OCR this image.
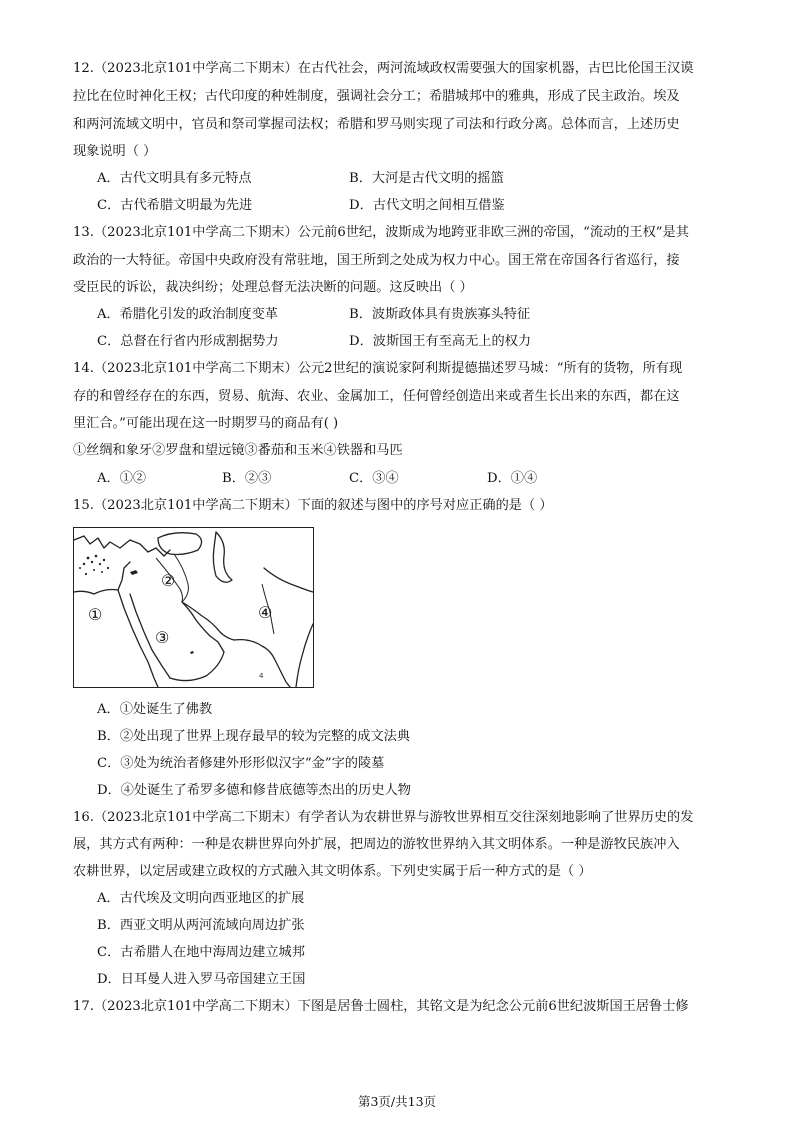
12.（2023北京101中学高二下期末）在古代社会，两河流域政权需要强大的国家机器，古巴比伦国王汉谟
拉比在位时神化王权；古代印度的种姓制度，强调社会分工；希腊城邦中的雅典，形成了民主政治。埃及
和两河流域文明中，官员和祭司掌握司法权；希腊和罗马则实现了司法和行政分离。总体而言，上述历史
现象说明（ ）
A．古代文明具有多元特点	B．大河是古代文明的摇篮
C．古代希腊文明最为先进	D．古代文明之间相互借鉴
13.（2023北京101中学高二下期末）公元前6世纪，波斯成为地跨亚非欧三洲的帝国，“流动的王权”是其
政治的一大特征。帝国中央政府没有常驻地，国王所到之处成为权力中心。国王常在帝国各行省巡行，接
受臣民的诉讼，裁决纠纷；处理总督无法决断的问题。这反映出（ ）
A．希腊化引发的政治制度变革	B．波斯政体具有贵族寡头特征
C．总督在行省内形成割据势力	D．波斯国王有至高无上的权力
14.（2023北京101中学高二下期末）公元2世纪的演说家阿利斯提德描述罗马城：“所有的货物，所有现
存的和曾经存在的东西，贸易、航海、农业、金属加工，任何曾经创造出来或者生长出来的东西，都在这
里汇合。”可能出现在这一时期罗马的商品有( )
①丝绸和象牙②罗盘和望远镜③番茄和玉米④铁器和马匹
A．①②	B．②③	C．③④	D．①④
15.（2023北京101中学高二下期末）下面的叙述与图中的序号对应正确的是（ ）
①
②
③
④
4
A．①处诞生了佛教
B．②处出现了世界上现存最早的较为完整的成文法典
C．③处为统治者修建外形形似汉字“金”字的陵墓
D．④处诞生了希罗多德和修昔底德等杰出的历史人物
16.（2023北京101中学高二下期末）有学者认为农耕世界与游牧世界相互交往深刻地影响了世界历史的发
展，其方式有两种：一种是农耕世界向外扩展，把周边的游牧世界纳入其文明体系。一种是游牧民族冲入
农耕世界，以定居或建立政权的方式融入其文明体系。下列史实属于后一种方式的是（ ）
A．古代埃及文明向西亚地区的扩展
B．西亚文明从两河流域向周边扩张
C．古希腊人在地中海周边建立城邦
D．日耳曼人进入罗马帝国建立王国
17.（2023北京101中学高二下期末）下图是居鲁士圆柱，其铭文是为纪念公元前6世纪波斯国王居鲁士修
第3页/共13页
